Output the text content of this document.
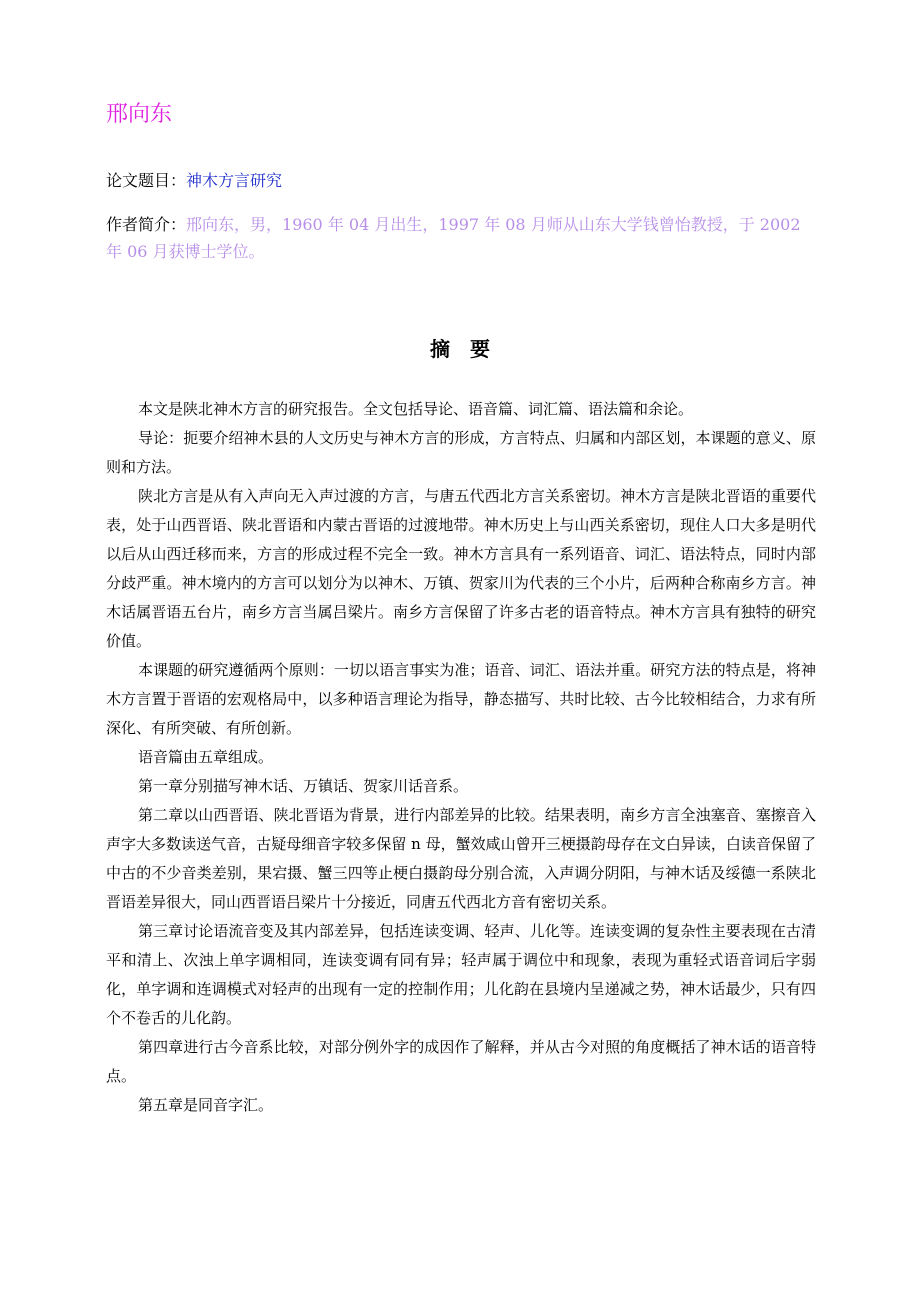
邢向东
论文题目：神木方言研究
作者简介：邢向东，男，1960 年 04 月出生，1997 年 08 月师从山东大学钱曾怡教授，于 2002 年 06 月获博士学位。
摘　要

本文是陕北神木方言的研究报告。全文包括导论、语音篇、词汇篇、语法篇和余论。

导论：扼要介绍神木县的人文历史与神木方言的形成，方言特点、归属和内部区划，本课题的意义、原则和方法。

陕北方言是从有入声向无入声过渡的方言，与唐五代西北方言关系密切。神木方言是陕北晋语的重要代表，处于山西晋语、陕北晋语和内蒙古晋语的过渡地带。神木历史上与山西关系密切，现住人口大多是明代以后从山西迁移而来，方言的形成过程不完全一致。神木方言具有一系列语音、词汇、语法特点，同时内部分歧严重。神木境内的方言可以划分为以神木、万镇、贺家川为代表的三个小片，后两种合称南乡方言。神木话属晋语五台片，南乡方言当属吕梁片。南乡方言保留了许多古老的语音特点。神木方言具有独特的研究价值。

本课题的研究遵循两个原则：一切以语言事实为准；语音、词汇、语法并重。研究方法的特点是，将神木方言置于晋语的宏观格局中，以多种语言理论为指导，静态描写、共时比较、古今比较相结合，力求有所深化、有所突破、有所创新。

语音篇由五章组成。

第一章分别描写神木话、万镇话、贺家川话音系。

第二章以山西晋语、陕北晋语为背景，进行内部差异的比较。结果表明，南乡方言全浊塞音、塞擦音入声字大多数读送气音，古疑母细音字较多保留 n 母，蟹效咸山曾开三梗摄韵母存在文白异读，白读音保留了中古的不少音类差别，果宕摄、蟹三四等止梗白摄韵母分别合流，入声调分阴阳，与神木话及绥德一系陕北晋语差异很大，同山西晋语吕梁片十分接近，同唐五代西北方音有密切关系。

第三章讨论语流音变及其内部差异，包括连读变调、轻声、儿化等。连读变调的复杂性主要表现在古清平和清上、次浊上单字调相同，连读变调有同有异；轻声属于调位中和现象，表现为重轻式语音词后字弱化，单字调和连调模式对轻声的出现有一定的控制作用；儿化韵在县境内呈递减之势，神木话最少，只有四个不卷舌的儿化韵。

第四章进行古今音系比较，对部分例外字的成因作了解释，并从古今对照的角度概括了神木话的语音特点。

第五章是同音字汇。
